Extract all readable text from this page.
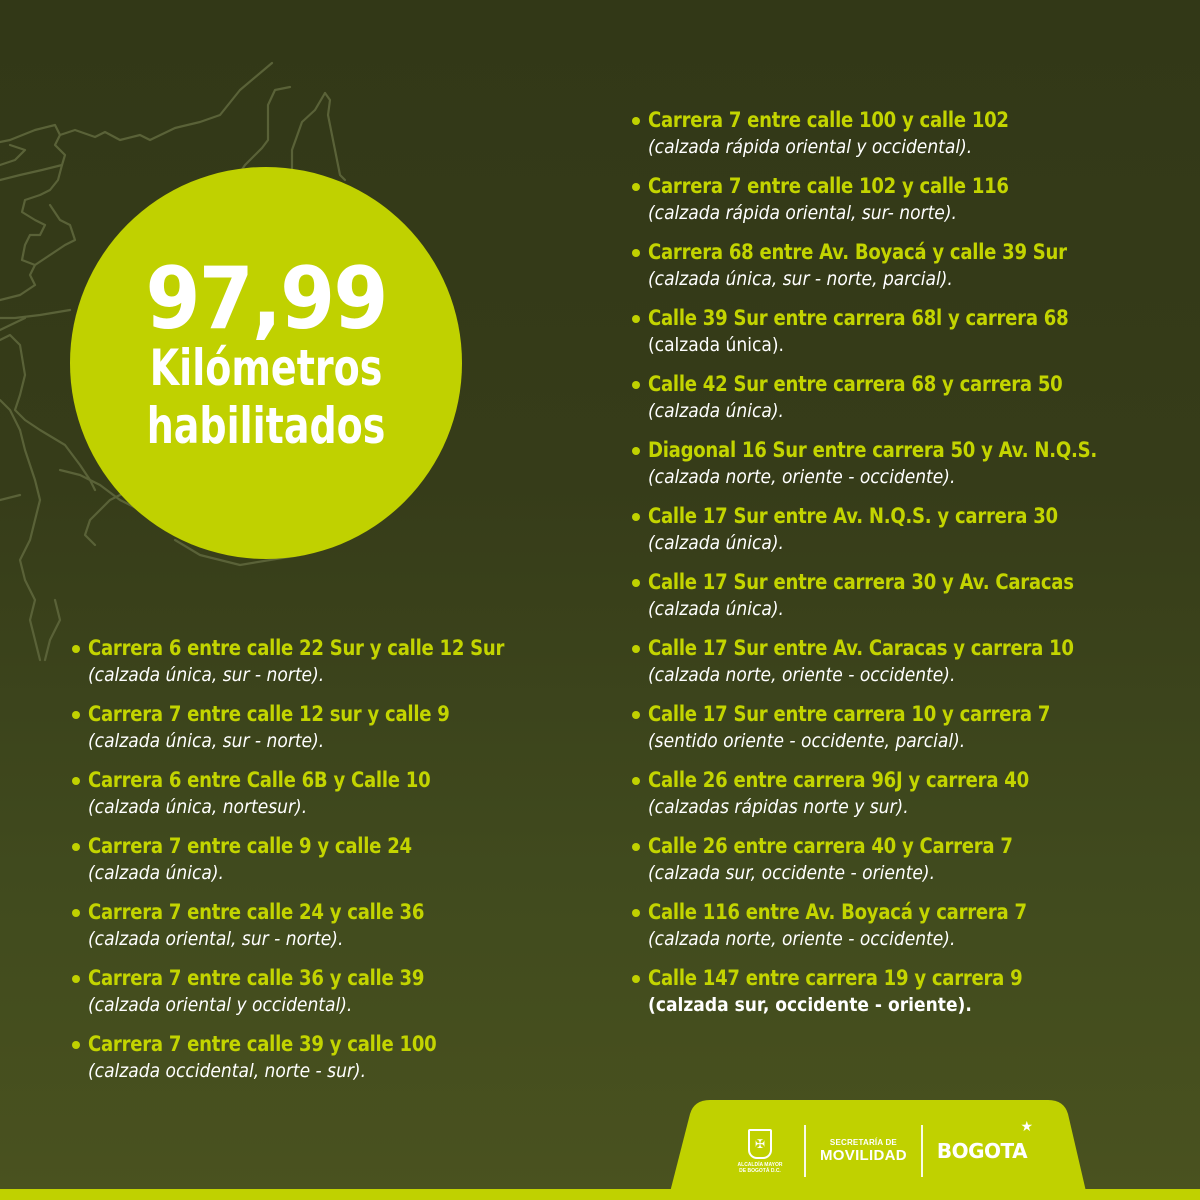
97,99
Kilómetros
habilitados
Carrera 7 entre calle 100 y calle 102
(calzada rápida oriental y occidental).
Carrera 7 entre calle 102 y calle 116
(calzada rápida oriental, sur- norte).
Carrera 68 entre Av. Boyacá y calle 39 Sur
(calzada única, sur - norte, parcial).
Calle 39 Sur entre carrera 68l y carrera 68
(calzada única).
Calle 42 Sur entre carrera 68 y carrera 50
(calzada única).
Diagonal 16 Sur entre carrera 50 y Av. N.Q.S.
(calzada norte, oriente - occidente).
Calle 17 Sur entre Av. N.Q.S. y carrera 30
(calzada única).
Calle 17 Sur entre carrera 30 y Av. Caracas
(calzada única).
Calle 17 Sur entre Av. Caracas y carrera 10
(calzada norte, oriente - occidente).
Calle 17 Sur entre carrera 10 y carrera 7
(sentido oriente - occidente, parcial).
Calle 26 entre carrera 96J y carrera 40
(calzadas rápidas norte y sur).
Calle 26 entre carrera 40 y Carrera 7
(calzada sur, occidente - oriente).
Calle 116 entre Av. Boyacá y carrera 7
(calzada norte, oriente - occidente).
Calle 147 entre carrera 19 y carrera 9
(calzada sur, occidente - oriente).
Carrera 6 entre calle 22 Sur y calle 12 Sur
(calzada única, sur - norte).
Carrera 7 entre calle 12 sur y calle 9
(calzada única, sur - norte).
Carrera 6 entre Calle 6B y Calle 10
(calzada única, nortesur).
Carrera 7 entre calle 9 y calle 24
(calzada única).
Carrera 7 entre calle 24 y calle 36
(calzada oriental, sur - norte).
Carrera 7 entre calle 36 y calle 39
(calzada oriental y occidental).
Carrera 7 entre calle 39 y calle 100
(calzada occidental, norte - sur).
✠
ALCALDÍA MAYOR
DE BOGOTÁ D.C.
SECRETARÍA DE
MOVILIDAD BOGOTA
★
